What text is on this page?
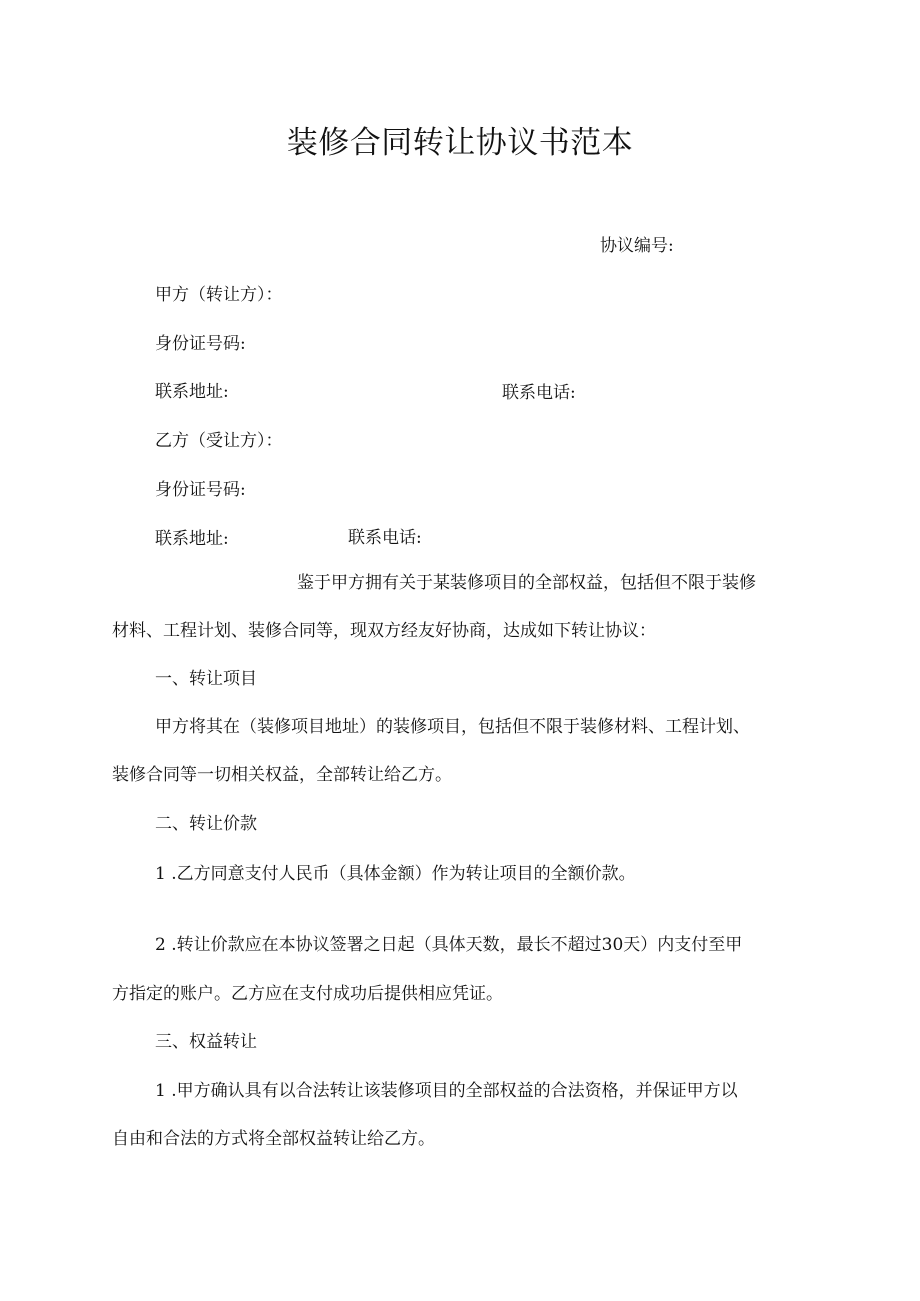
装修合同转让协议书范本
协议编号:
甲方（转让方）：
身份证号码:
联系地址:	联系电话:
乙方（受让方）：
身份证号码:
联系地址:	联系电话:
鉴于甲方拥有关于某装修项目的全部权益，包括但不限于装修
材料、工程计划、装修合同等，现双方经友好协商，达成如下转让协议：
一、转让项目
甲方将其在（装修项目地址）的装修项目，包括但不限于装修材料、工程计划、
装修合同等一切相关权益，全部转让给乙方。
二、转让价款
1 .乙方同意支付人民币（具体金额）作为转让项目的全额价款。
2 .转让价款应在本协议签署之日起（具体天数，最长不超过30天）内支付至甲
方指定的账户。乙方应在支付成功后提供相应凭证。
三、权益转让
1 .甲方确认具有以合法转让该装修项目的全部权益的合法资格，并保证甲方以
自由和合法的方式将全部权益转让给乙方。
